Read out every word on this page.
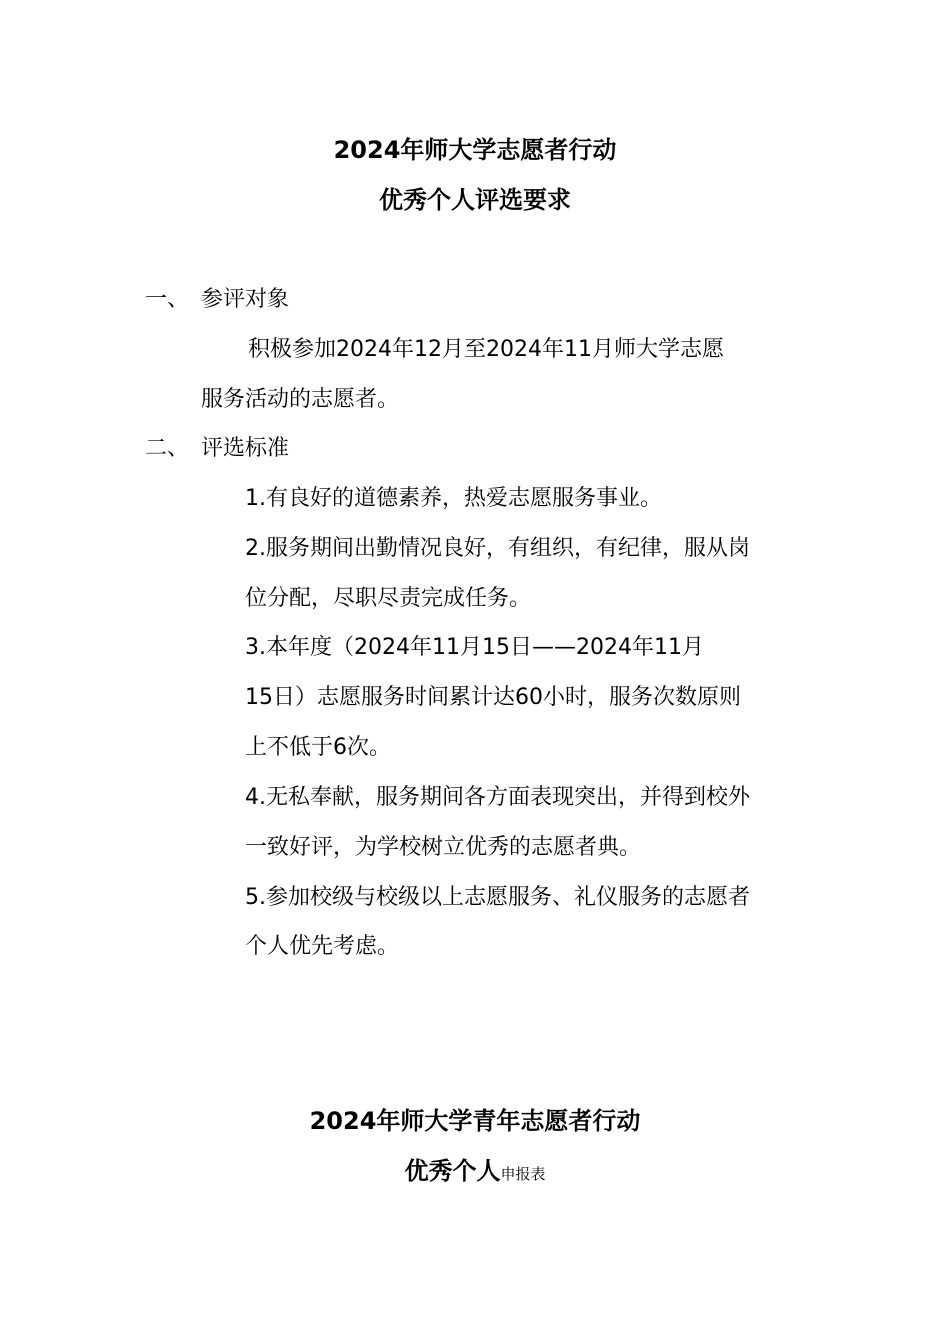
2024年师大学志愿者行动
优秀个人评选要求
一、 参评对象
积极参加2024年12月至2024年11月师大学志愿
服务活动的志愿者。
二、 评选标准
1.有良好的道德素养，热爱志愿服务事业。
2.服务期间出勤情况良好，有组织，有纪律，服从岗
位分配，尽职尽责完成任务。
3.本年度（2024年11月15日——2024年11月
15日）志愿服务时间累计达60小时，服务次数原则
上不低于6次。
4.无私奉献，服务期间各方面表现突出，并得到校外
一致好评，为学校树立优秀的志愿者典。
5.参加校级与校级以上志愿服务、礼仪服务的志愿者
个人优先考虑。
2024年师大学青年志愿者行动
优秀个人申报表
